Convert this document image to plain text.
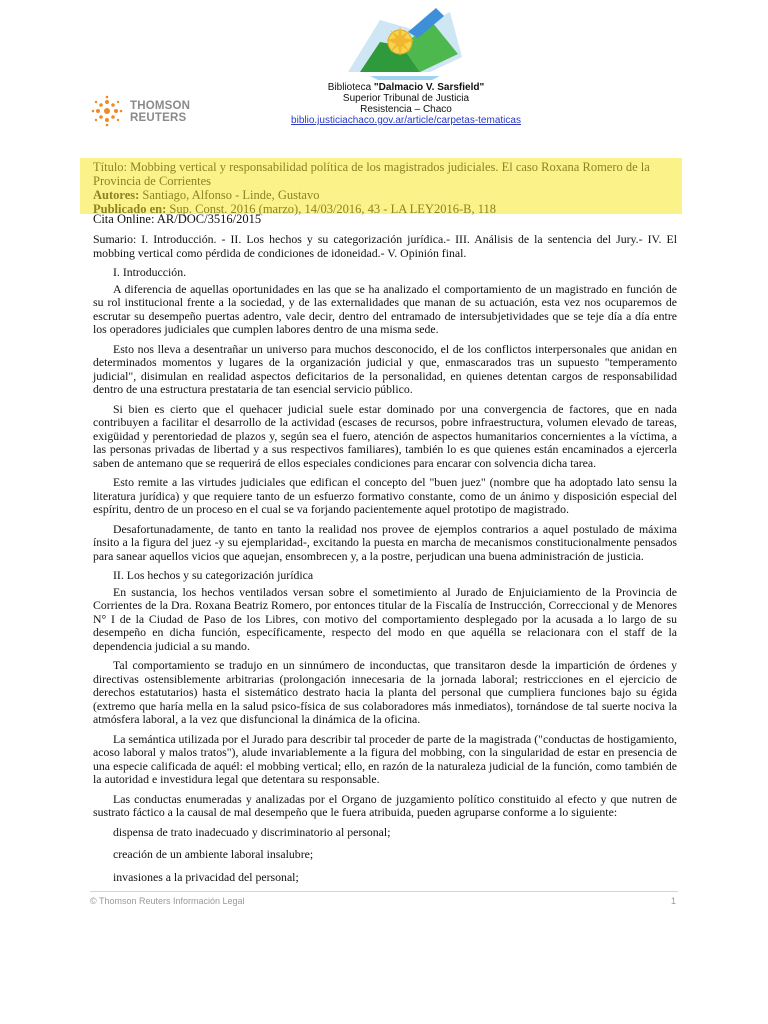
THOMSON
REUTERS
Biblioteca "Dalmacio V. Sarsfield"
Superior Tribunal de Justicia
Resistencia – Chaco
biblio.justiciachaco.gov.ar/article/carpetas-tematicas
Título: Mobbing vertical y responsabilidad política de los magistrados judiciales. El caso Roxana Romero de la Provincia de Corrientes
Autores: Santiago, Alfonso - Linde, Gustavo
Publicado en: Sup. Const. 2016 (marzo), 14/03/2016, 43 - LA LEY2016-B, 118
Cita Online: AR/DOC/3516/2015

Sumario: I. Introducción. - II. Los hechos y su categorización jurídica.- III. Análisis de la sentencia del Jury.- IV. El mobbing vertical como pérdida de condiciones de idoneidad.- V. Opinión final.

I. Introducción.

A diferencia de aquellas oportunidades en las que se ha analizado el comportamiento de un magistrado en función de su rol institucional frente a la sociedad, y de las externalidades que manan de su actuación, esta vez nos ocuparemos de escrutar su desempeño puertas adentro, vale decir, dentro del entramado de intersubjetividades que se teje día a día entre los operadores judiciales que cumplen labores dentro de una misma sede.

Esto nos lleva a desentrañar un universo para muchos desconocido, el de los conflictos interpersonales que anidan en determinados momentos y lugares de la organización judicial y que, enmascarados tras un supuesto "temperamento judicial", disimulan en realidad aspectos deficitarios de la personalidad, en quienes detentan cargos de responsabilidad dentro de una estructura prestataria de tan esencial servicio público.

Si bien es cierto que el quehacer judicial suele estar dominado por una convergencia de factores, que en nada contribuyen a facilitar el desarrollo de la actividad (escases de recursos, pobre infraestructura, volumen elevado de tareas, exigüidad y perentoriedad de plazos y, según sea el fuero, atención de aspectos humanitarios concernientes a la víctima, a las personas privadas de libertad y a sus respectivos familiares), también lo es que quienes están encaminados a ejercerla saben de antemano que se requerirá de ellos especiales condiciones para encarar con solvencia dicha tarea.

Esto remite a las virtudes judiciales que edifican el concepto del "buen juez" (nombre que ha adoptado lato sensu la literatura jurídica) y que requiere tanto de un esfuerzo formativo constante, como de un ánimo y disposición especial del espíritu, dentro de un proceso en el cual se va forjando pacientemente aquel prototipo de magistrado.

Desafortunadamente, de tanto en tanto la realidad nos provee de ejemplos contrarios a aquel postulado de máxima ínsito a la figura del juez -y su ejemplaridad-, excitando la puesta en marcha de mecanismos constitucionalmente pensados para sanear aquellos vicios que aquejan, ensombrecen y, a la postre, perjudican una buena administración de justicia.

II. Los hechos y su categorización jurídica

En sustancia, los hechos ventilados versan sobre el sometimiento al Jurado de Enjuiciamiento de la Provincia de Corrientes de la Dra. Roxana Beatriz Romero, por entonces titular de la Fiscalía de Instrucción, Correccional y de Menores N° I de la Ciudad de Paso de los Libres, con motivo del comportamiento desplegado por la acusada a lo largo de su desempeño en dicha función, específicamente, respecto del modo en que aquélla se relacionara con el staff de la dependencia judicial a su mando.

Tal comportamiento se tradujo en un sinnúmero de inconductas, que transitaron desde la impartición de órdenes y directivas ostensiblemente arbitrarias (prolongación innecesaria de la jornada laboral; restricciones en el ejercicio de derechos estatutarios) hasta el sistemático destrato hacia la planta del personal que cumpliera funciones bajo su égida (extremo que haría mella en la salud psico-física de sus colaboradores más inmediatos), tornándose de tal suerte nociva la atmósfera laboral, a la vez que disfuncional la dinámica de la oficina.

La semántica utilizada por el Jurado para describir tal proceder de parte de la magistrada ("conductas de hostigamiento, acoso laboral y malos tratos"), alude invariablemente a la figura del mobbing, con la singularidad de estar en presencia de una especie calificada de aquél: el mobbing vertical; ello, en razón de la naturaleza judicial de la función, como también de la autoridad e investidura legal que detentara su responsable.

Las conductas enumeradas y analizadas por el Organo de juzgamiento político constituido al efecto y que nutren de sustrato fáctico a la causal de mal desempeño que le fuera atribuida, pueden agruparse conforme a lo siguiente:

dispensa de trato inadecuado y discriminatorio al personal;

creación de un ambiente laboral insalubre;

invasiones a la privacidad del personal;

© Thomson Reuters Información Legal	1
